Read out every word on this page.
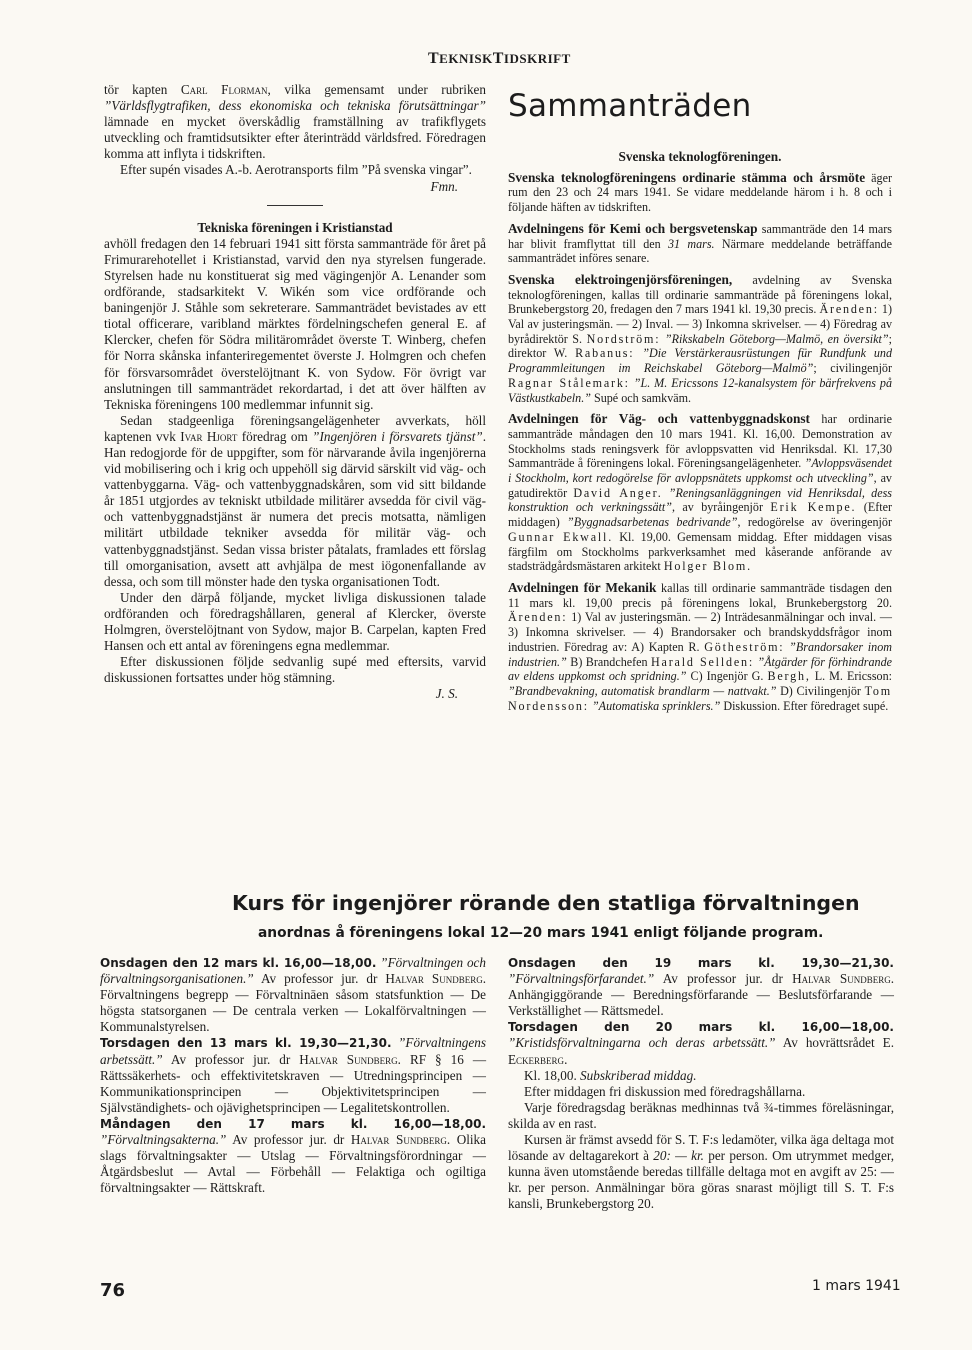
TEKNISKTIDSKRIFT
Sammanträden

tör kapten Carl Florman, vilka gemensamt under rubriken ”Världsflygtrafiken, dess ekonomiska och tekniska förutsättningar” lämnade en mycket överskådlig framställning av trafikflygets utveckling och framtidsutsikter efter återinträdd världsfred. Föredragen komma att inflyta i tidskriften.

Efter supén visades A.-b. Aerotransports film ”På svenska vingar”.

Fmn.

Tekniska föreningen i Kristianstad

avhöll fredagen den 14 februari 1941 sitt första sammanträde för året på Frimurarehotellet i Kristianstad, varvid den nya styrelsen fungerade. Styrelsen hade nu konstituerat sig med vägingenjör A. Lenander som ordförande, stadsarkitekt V. Wikén som vice ordförande och baningenjör J. Ståhle som sekreterare. Sammanträdet bevistades av ett tiotal officerare, varibland märktes fördelningschefen general E. af Klercker, chefen för Södra militärområdet överste T. Winberg, chefen för Norra skånska infanteriregementet överste J. Holmgren och chefen för försvarsområdet överstelöjtnant K. von Sydow. För övrigt var anslutningen till sammanträdet rekordartad, i det att över hälften av Tekniska föreningens 100 medlemmar infunnit sig.

Sedan stadgeenliga föreningsangelägenheter avverkats, höll kaptenen vvk Ivar Hjort föredrag om ”Ingenjören i försvarets tjänst”. Han redogjorde för de uppgifter, som för närvarande åvila ingenjörerna vid mobilisering och i krig och uppehöll sig därvid särskilt vid väg- och vattenbyggarna. Väg- och vattenbyggnadskåren, som vid sitt bildande år 1851 utgjordes av tekniskt utbildade militärer avsedda för civil väg- och vattenbyggnadstjänst är numera det precis motsatta, nämligen militärt utbildade tekniker avsedda för militär väg- och vattenbyggnadstjänst. Sedan vissa brister påtalats, framlades ett förslag till omorganisation, avsett att avhjälpa de mest iögonenfallande av dessa, och som till mönster hade den tyska organisationen Todt.

Under den därpå följande, mycket livliga diskussionen talade ordföranden och föredragshållaren, general af Klercker, överste Holmgren, överstelöjtnant von Sydow, major B. Carpelan, kapten Fred Hansen och ett antal av föreningens egna medlemmar.

Efter diskussionen följde sedvanlig supé med eftersits, varvid diskussionen fortsattes under hög stämning.

J. S.

Svenska teknologföreningen.

Svenska teknologföreningens ordinarie stämma och årsmöte äger rum den 23 och 24 mars 1941. Se vidare meddelande härom i h. 8 och i följande häften av tidskriften.

Avdelningens för Kemi och bergsvetenskap sammanträde den 14 mars har blivit framflyttat till den 31 mars. Närmare meddelande beträffande sammanträdet införes senare.

Svenska elektroingenjörsföreningen, avdelning av Svenska teknologföreningen, kallas till ordinarie sammanträde på föreningens lokal, Brunkebergstorg 20, fredagen den 7 mars 1941 kl. 19,30 precis. Ärenden: 1) Val av justeringsmän. — 2) Inval. — 3) Inkomna skrivelser. — 4) Föredrag av byrådirektör S. Nordström: ”Rikskabeln Göteborg—Malmö, en översikt”; direktor W. Rabanus: ”Die Verstärkerausrüstungen für Rundfunk und Programmleitungen im Reichskabel Göteborg—Malmö”; civilingenjör Ragnar Stålemark: ”L. M. Ericssons 12-kanalsystem för bärfrekvens på Västkustkabeln.” Supé och samkväm.

Avdelningen för Väg- och vattenbyggnadskonst har ordinarie sammanträde måndagen den 10 mars 1941. Kl. 16,00. Demonstration av Stockholms stads reningsverk för avloppsvatten vid Henriksdal. Kl. 17,30 Sammanträde å föreningens lokal. Föreningsangelägenheter. ”Avloppsväsendet i Stockholm, kort redogörelse för avloppsnätets uppkomst och utveckling”, av gatudirektör David Anger. ”Reningsanläggningen vid Henriksdal, dess konstruktion och verkningssätt”, av byråingenjör Erik Kempe. (Efter middagen) ”Byggnadsarbetenas bedrivande”, redogörelse av överingenjör Gunnar Ekwall. Kl. 19,00. Gemensam middag. Efter middagen visas färgfilm om Stockholms parkverksamhet med kåserande anförande av stadsträdgårdsmästaren arkitekt Holger Blom.

Avdelningen för Mekanik kallas till ordinarie sammanträde tisdagen den 11 mars kl. 19,00 precis på föreningens lokal, Brunkebergstorg 20. Ärenden: 1) Val av justeringsmän. — 2) Inträdesanmälningar och inval. — 3) Inkomna skrivelser. — 4) Brandorsaker och brandskyddsfrågor inom industrien. Föredrag av: A) Kapten R. Götheström: ”Brandorsaker inom industrien.” B) Brandchefen Harald Sellden: ”Åtgärder för förhindrande av eldens uppkomst och spridning.” C) Ingenjör G. Bergh, L. M. Ericsson: ”Brandbevakning, automatisk brandlarm — nattvakt.” D) Civilingenjör Tom Nordensson: ”Automatiska sprinklers.” Diskussion. Efter föredraget supé.

Kurs för ingenjörer rörande den statliga förvaltningen
anordnas å föreningens lokal 12—20 mars 1941 enligt följande program.

Onsdagen den 12 mars kl. 16,00—18,00. ”Förvaltningen och förvaltningsorganisationen.” Av professor jur. dr Halvar Sundberg. Förvaltningens begrepp — Förvaltnināen såsom statsfunktion — De högsta statsorganen — De centrala verken — Lokalförvaltningen — Kommunalstyrelsen.

Torsdagen den 13 mars kl. 19,30—21,30. ”Förvaltningens arbetssätt.” Av professor jur. dr Halvar Sundberg. RF § 16 — Rättssäkerhets- och effektivitetskraven — Utredningsprincipen — Kommunikationsprincipen — Objektivitetsprincipen — Självständighets- och ojävighetsprincipen — Legalitetskontrollen.

Måndagen den 17 mars kl. 16,00—18,00. ”Förvaltningsakterna.” Av professor jur. dr Halvar Sundberg. Olika slags förvaltningsakter — Utslag — Förvaltningsförordningar — Åtgärdsbeslut — Avtal — Förbehåll — Felaktiga och ogiltiga förvaltningsakter — Rättskraft.

Onsdagen den 19 mars kl. 19,30—21,30. ”Förvaltningsförfarandet.” Av professor jur. dr Halvar Sundberg. Anhängiggörande — Beredningsförfarande — Beslutsförfarande — Verkställighet — Rättsmedel.

Torsdagen den 20 mars kl. 16,00—18,00. ”Kristidsförvaltningarna och deras arbetssätt.” Av hovrättsrådet E. Eckerberg.

Kl. 18,00. Subskriberad middag.

Efter middagen fri diskussion med föredragshållarna.

Varje föredragsdag beräknas medhinnas två ¾-timmes föreläsningar, skilda av en rast.

Kursen är främst avsedd för S. T. F:s ledamöter, vilka äga deltaga mot lösande av deltagarekort à 20: — kr. per person. Om utrymmet medger, kunna även utomstående beredas tillfälle deltaga mot en avgift av 25: — kr. per person. Anmälningar böra göras snarast möjligt till S. T. F:s kansli, Brunkebergstorg 20.

76	1 mars 1941
